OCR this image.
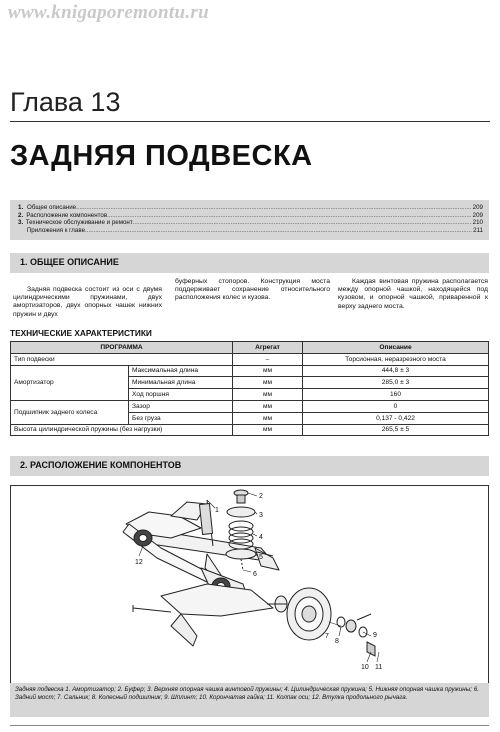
www.knigaporemontu.ru
Глава 13
ЗАДНЯЯ ПОДВЕСКА
1. Общее описание .....	209
2. Расположение компонентов .....	209
3. Техническое обслуживание и ремонт .....	210
Приложения к главе .....	211
1. ОБЩЕЕ ОПИСАНИЕ

Задняя подвеска состоит из оси с двумя цилиндрическими пружинами, двух амортизаторов, двух опорных чашек нижних пружин и двух

буферных стопоров. Конструкция моста поддерживает сохранение относительного расположения колес и кузова.

Каждая винтовая пружина располагается между опорной чашкой, находящейся под кузовом, и опорной чашкой, приваренной к верху заднего моста.

ТЕХНИЧЕСКИЕ ХАРАКТЕРИСТИКИ
ПРОГРАММА		Агрегат	Описание
Тип подвески		–	Торсионная, неразрезного моста
Амортизатор	Максимальная длина	мм	444,8 ± 3
	Минимальная длина	мм	285,0 ± 3
	Ход поршня	мм	160
Подшипник заднего колеса	Зазор	мм	0
	Без груза	мм	0,137 - 0,422
Высота цилиндрической пружины (без нагрузки)		мм	265,5 ± 5
2. РАСПОЛОЖЕНИЕ КОМПОНЕНТОВ
1
2
3
4
5
6
7
8
9
10 11
12
Задняя подвеска 1. Амортизатор; 2. Буфер; 3. Верхняя опорная чашка винтовой пружины; 4. Цилиндрическая пружина; 5. Нижняя опорная чашка пружины; 6. Задний мост; 7. Сальник; 8. Колесный подшипник; 9. Шплинт; 10. Корончатая гайка; 11. Колпак оси; 12. Втулка продольного рычага.
